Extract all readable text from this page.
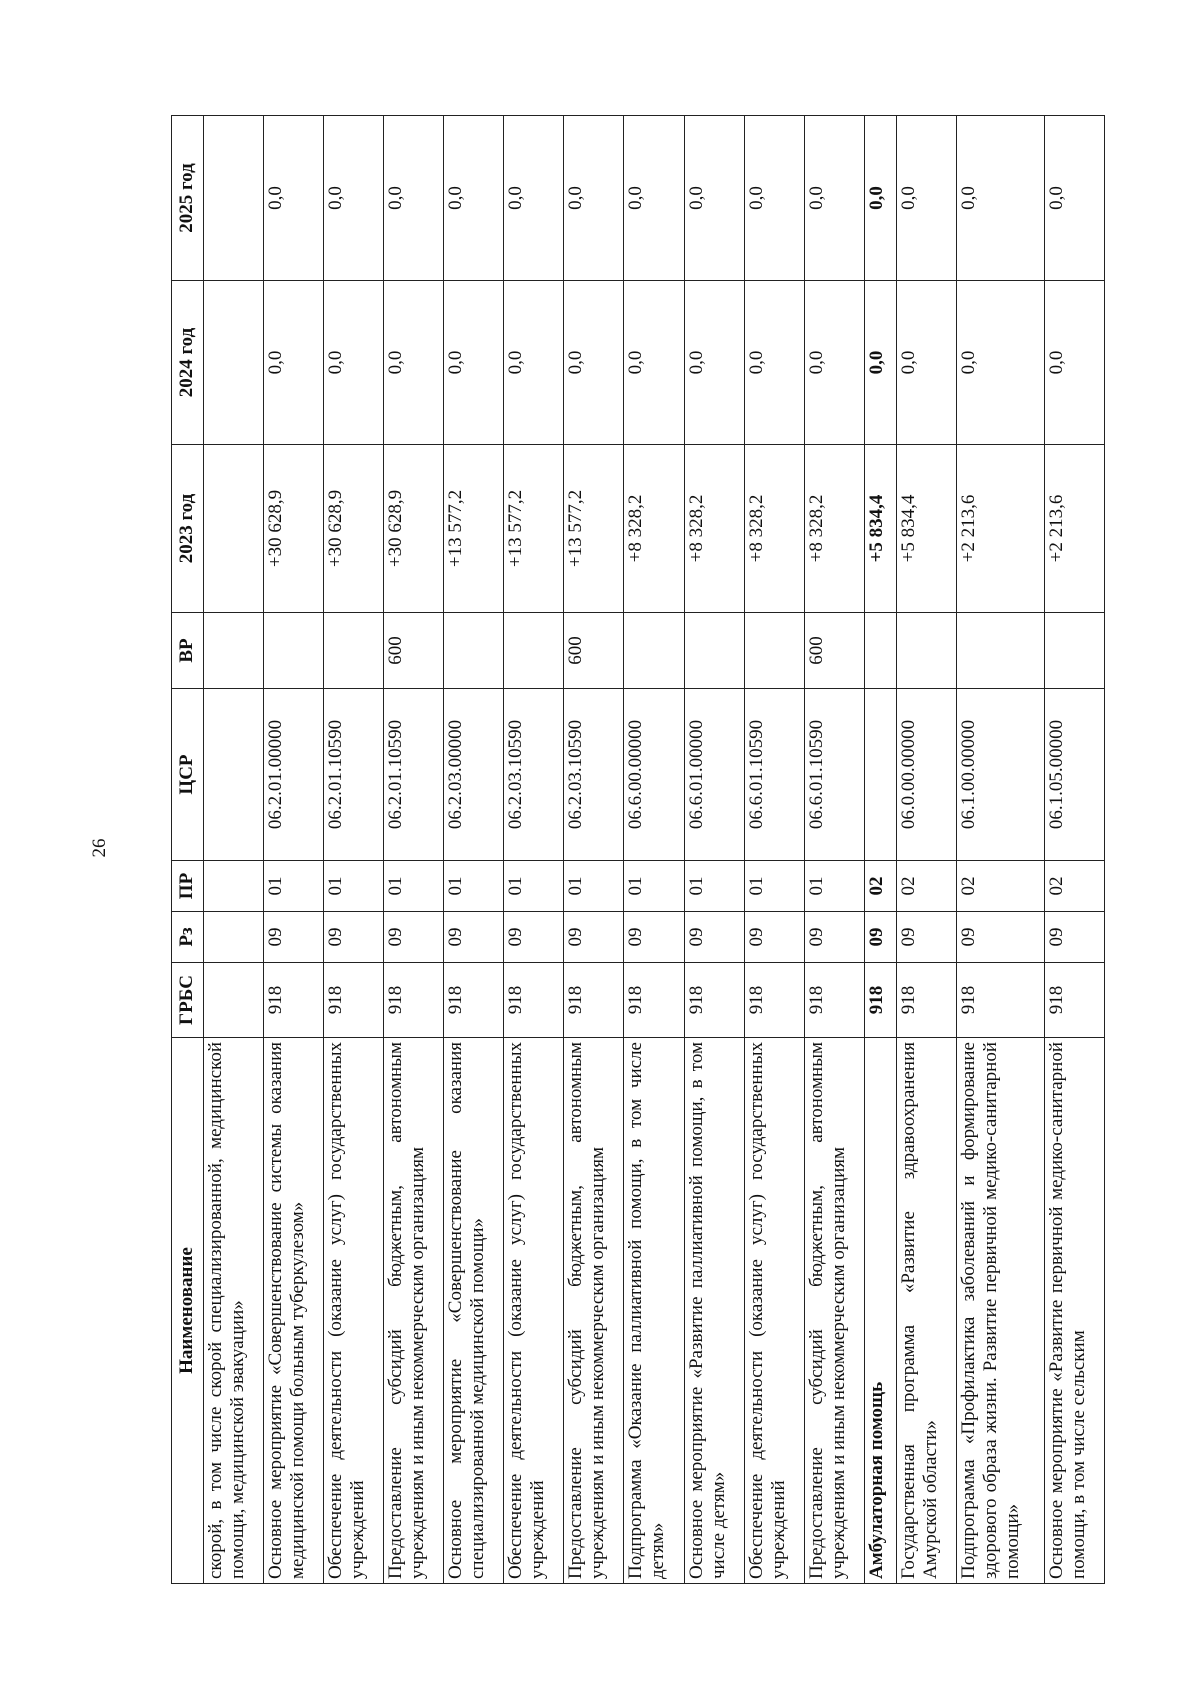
26
Наименование	ГРБС	Рз	ПР	ЦСР	ВР	2023 год	2024 год	2025 год
скорой, в том числе скорой специализированной, медицинской помощи, медицинской эвакуации»								
Основное мероприятие «Совершенствование системы оказания медицинской помощи больным туберкулезом»	918	09	01	06.2.01.00000		+30 628,9	0,0	0,0
Обеспечение деятельности (оказание услуг) государственных учреждений	918	09	01	06.2.01.10590		+30 628,9	0,0	0,0
Предоставление субсидий бюджетным, автономным учреждениям и иным некоммерческим организациям	918	09	01	06.2.01.10590	600	+30 628,9	0,0	0,0
Основное мероприятие «Совершенствование оказания специализированной медицинской помощи»	918	09	01	06.2.03.00000		+13 577,2	0,0	0,0
Обеспечение деятельности (оказание услуг) государственных учреждений	918	09	01	06.2.03.10590		+13 577,2	0,0	0,0
Предоставление субсидий бюджетным, автономным учреждениям и иным некоммерческим организациям	918	09	01	06.2.03.10590	600	+13 577,2	0,0	0,0
Подпрограмма «Оказание паллиативной помощи, в том числе детям»	918	09	01	06.6.00.00000		+8 328,2	0,0	0,0
Основное мероприятие «Развитие паллиативной помощи, в том числе детям»	918	09	01	06.6.01.00000		+8 328,2	0,0	0,0
Обеспечение деятельности (оказание услуг) государственных учреждений	918	09	01	06.6.01.10590		+8 328,2	0,0	0,0
Предоставление субсидий бюджетным, автономным учреждениям и иным некоммерческим организациям	918	09	01	06.6.01.10590	600	+8 328,2	0,0	0,0
Амбулаторная помощь	918	09	02			+5 834,4	0,0	0,0
Государственная программа «Развитие здравоохранения Амурской области»	918	09	02	06.0.00.00000		+5 834,4	0,0	0,0
Подпрограмма «Профилактика заболеваний и формирование здорового образа жизни. Развитие первичной медико-санитарной помощи»	918	09	02	06.1.00.00000		+2 213,6	0,0	0,0
Основное мероприятие «Развитие первичной медико-санитарной помощи, в том числе сельским	918	09	02	06.1.05.00000		+2 213,6	0,0	0,0
